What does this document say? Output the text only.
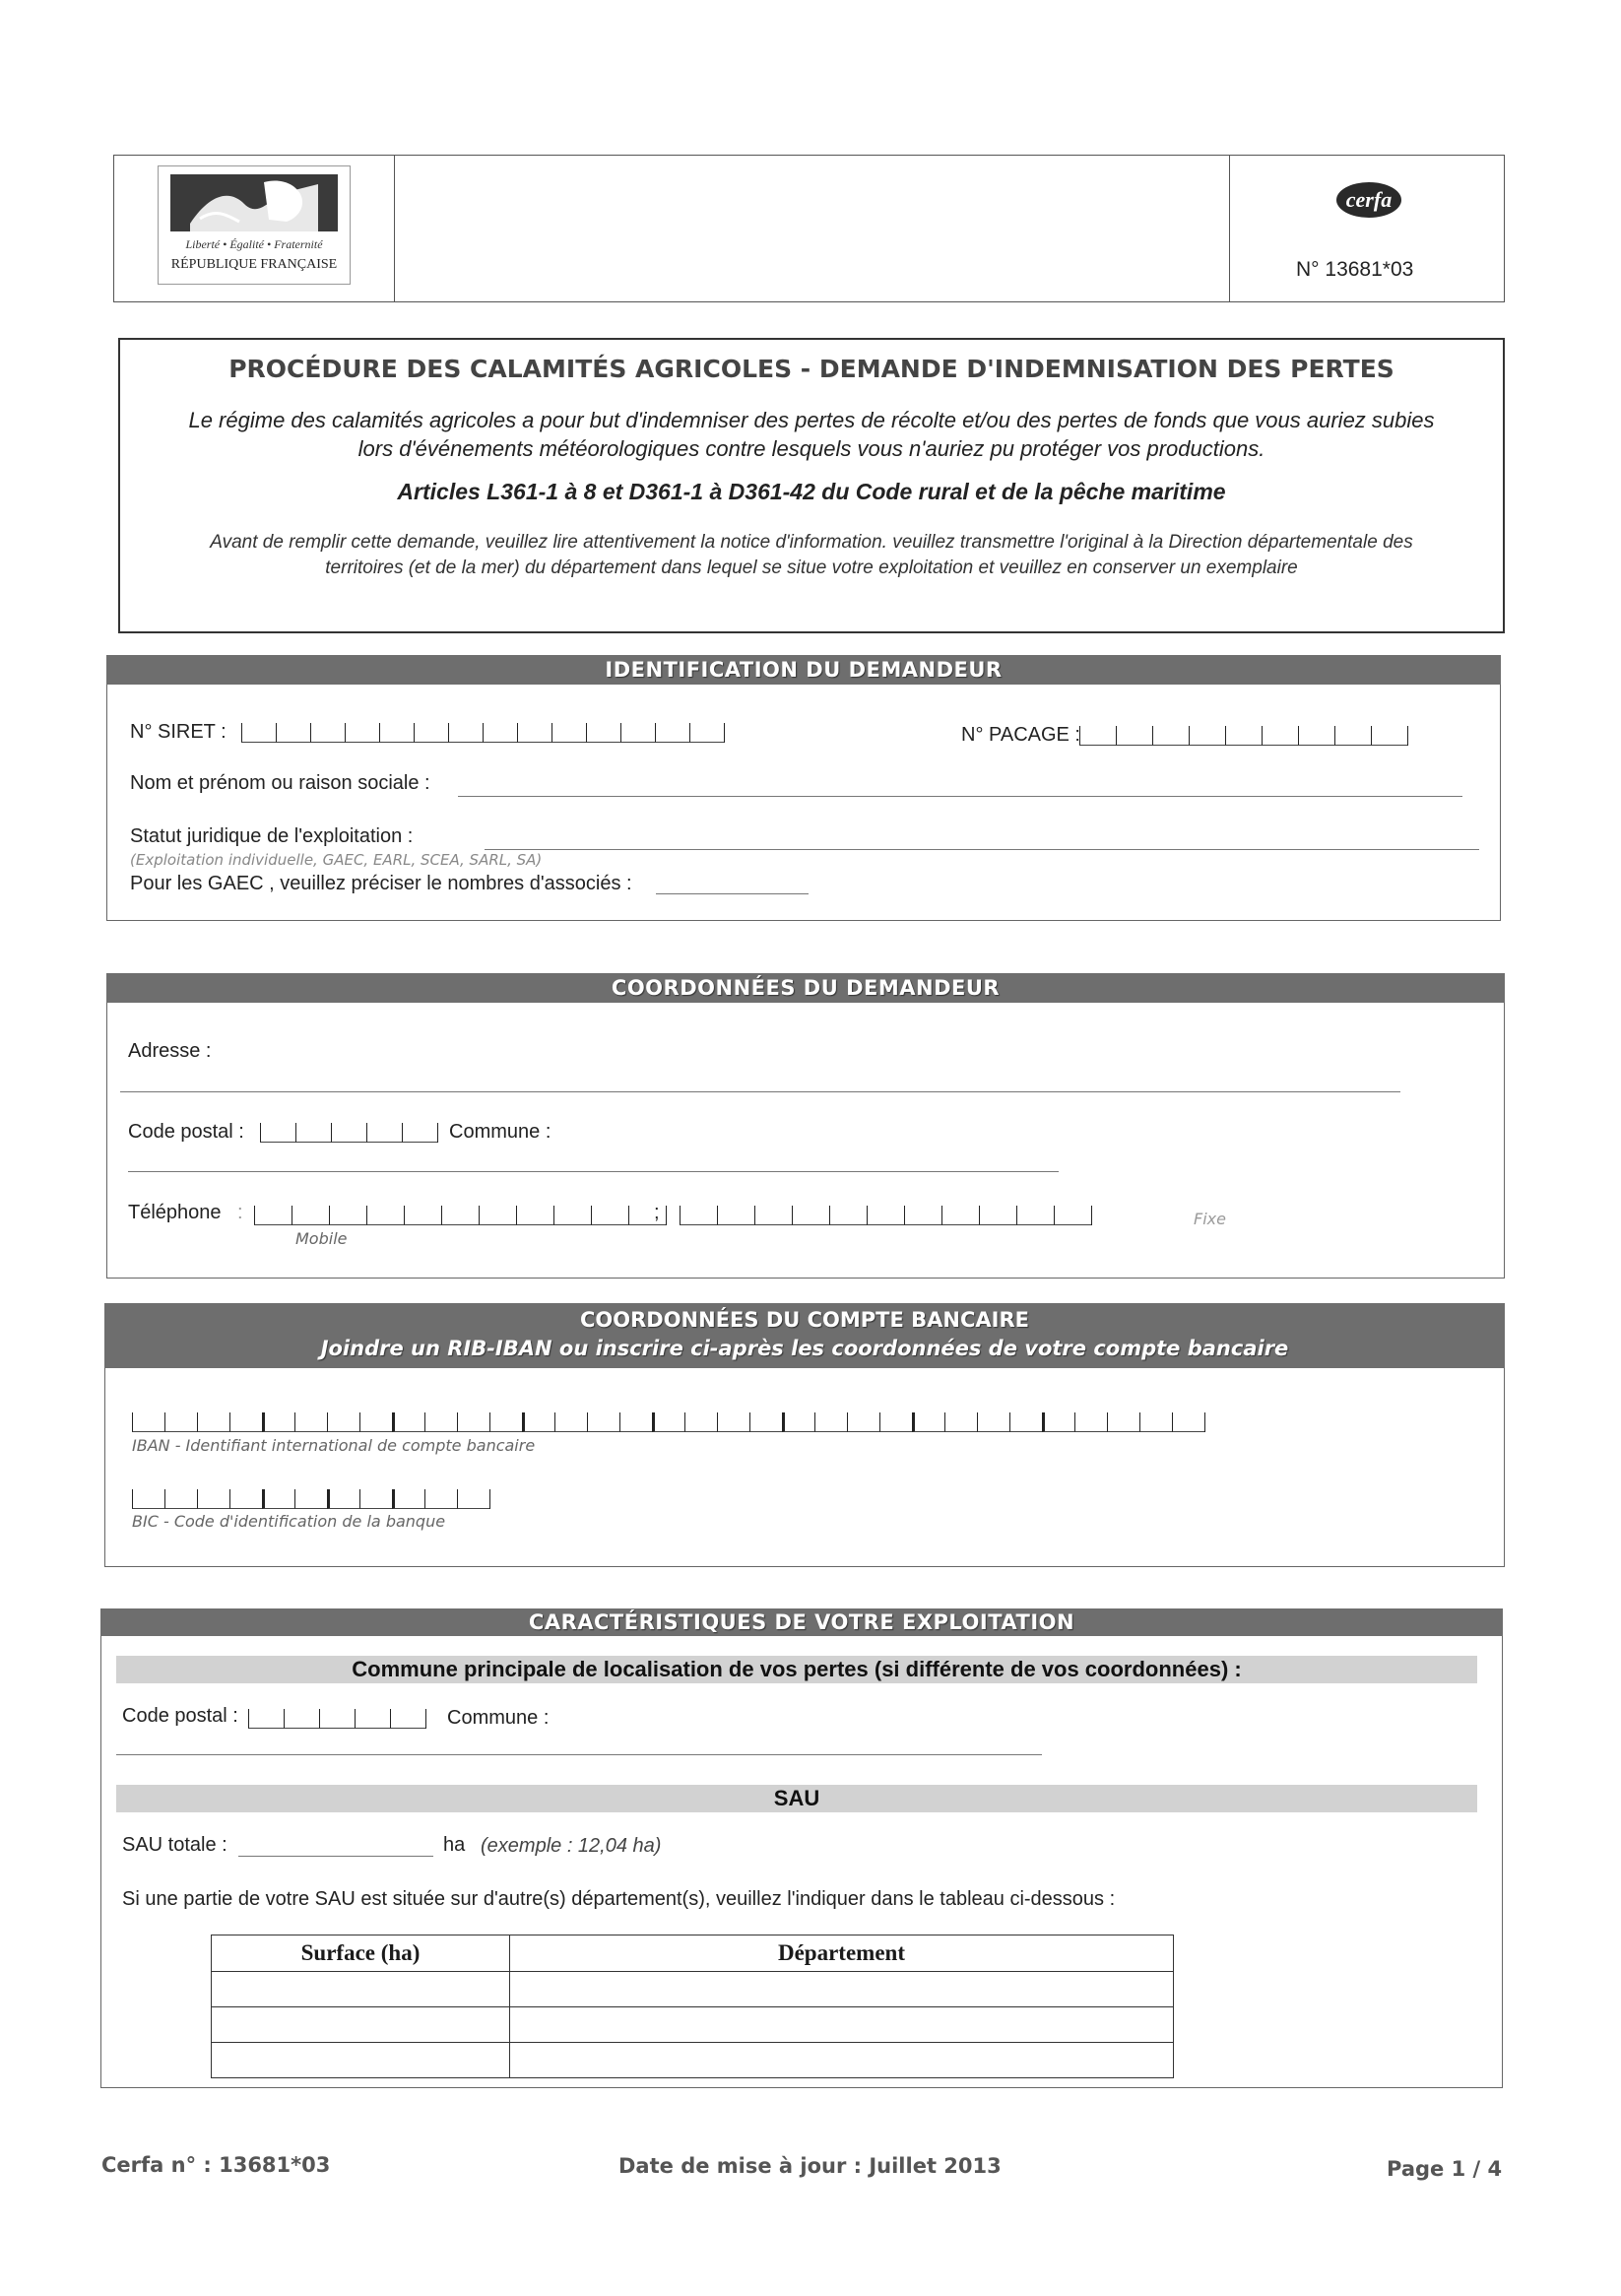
Liberté • Égalité • Fraternité
RÉPUBLIQUE FRANÇAISE
cerfa
N° 13681*03
PROCÉDURE DES CALAMITÉS AGRICOLES - DEMANDE D'INDEMNISATION DES PERTES
Le régime des calamités agricoles a pour but d'indemniser des pertes de récolte et/ou des pertes de fonds que vous auriez subies
lors d'événements météorologiques contre lesquels vous n'auriez pu protéger vos productions.
Articles L361-1 à 8 et D361-1 à D361-42 du Code rural et de la pêche maritime
Avant de remplir cette demande, veuillez lire attentivement la notice d'information. veuillez transmettre l'original à la Direction départementale des
territoires (et de la mer) du département dans lequel se situe votre exploitation et veuillez en conserver un exemplaire
IDENTIFICATION DU DEMANDEUR
N° SIRET :	N° PACAGE :
Nom et prénom ou raison sociale :
Statut juridique de l'exploitation :
(Exploitation individuelle, GAEC, EARL, SCEA, SARL, SA)
Pour les GAEC , veuillez préciser le nombres d'associés :
COORDONNÉES DU DEMANDEUR
Adresse :
Code postal :	Commune :
Téléphone :
Mobile
;	Fixe
COORDONNÉES DU COMPTE BANCAIRE
Joindre un RIB-IBAN ou inscrire ci-après les coordonnées de votre compte bancaire
IBAN - Identifiant international de compte bancaire
BIC - Code d'identification de la banque
CARACTÉRISTIQUES DE VOTRE EXPLOITATION
Commune principale de localisation de vos pertes (si différente de vos coordonnées) :
Code postal :	Commune :
SAU
SAU totale :	ha (exemple : 12,04 ha)
Si une partie de votre SAU est située sur d'autre(s) département(s), veuillez l'indiquer dans le tableau ci-dessous :
Surface (ha)	Département

Cerfa n° : 13681*03	Date de mise à jour : Juillet 2013	Page 1 / 4
